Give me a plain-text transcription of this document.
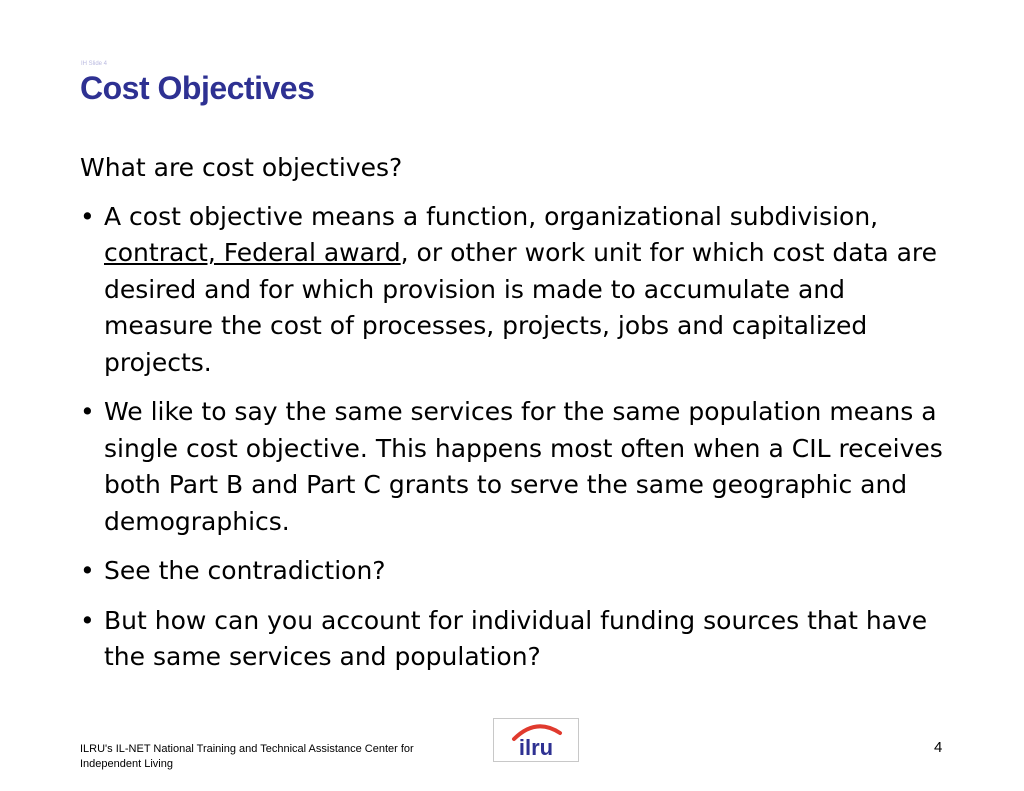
IH Slide 4
Cost Objectives

What are cost objectives?

• A cost objective means a function, organizational subdivision, contract, Federal award, or other work unit for which cost data are desired and for which provision is made to accumulate and measure the cost of processes, projects, jobs and capitalized projects.
• We like to say the same services for the same population means a single cost objective. This happens most often when a CIL receives both Part B and Part C grants to serve the same geographic and demographics.
• See the contradiction?
• But how can you account for individual funding sources that have the same services and population?
ILRU's IL-NET National Training and Technical Assistance Center for Independent Living
ilru	4
